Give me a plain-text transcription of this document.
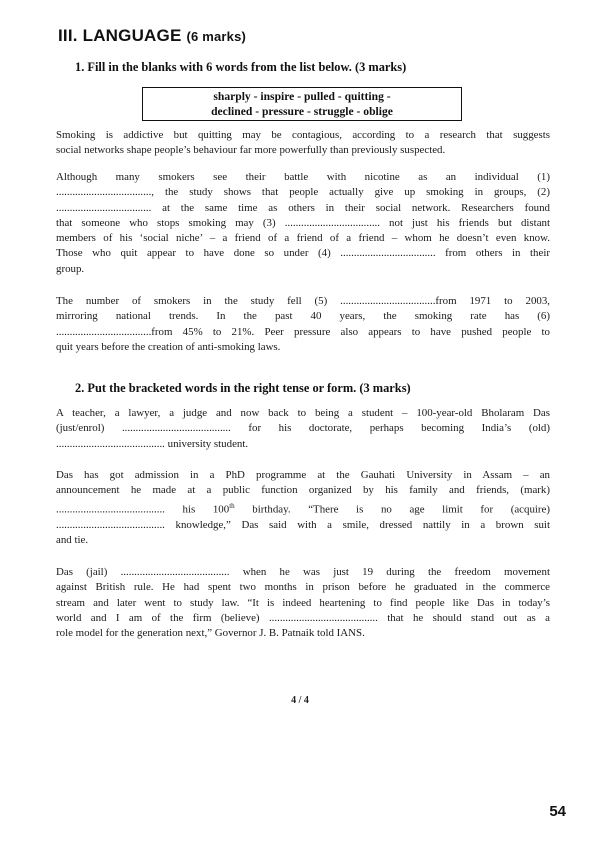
III. LANGUAGE (6 marks)
1. Fill in the blanks with 6 words from the list below. (3 marks)
sharply - inspire - pulled - quitting -
declined - pressure - struggle - oblige
Smoking is addictive but quitting may be contagious, according to a research that suggests
social networks shape people’s behaviour far more powerfully than previously suspected.
Although many smokers see their battle with nicotine as an individual (1)
..................................., the study shows that people actually give up smoking in groups, (2)
................................... at the same time as others in their social network. Researchers found
that someone who stops smoking may (3) ................................... not just his friends but distant
members of his ‘social niche’ – a friend of a friend of a friend – whom he doesn’t even know.
Those who quit appear to have done so under (4) ................................... from others in their
group.
The number of smokers in the study fell (5) ...................................from 1971 to 2003,
mirroring national trends. In the past 40 years, the smoking rate has (6)
...................................from 45% to 21%. Peer pressure also appears to have pushed people to
quit years before the creation of anti-smoking laws.
2. Put the bracketed words in the right tense or form. (3 marks)
A teacher, a lawyer, a judge and now back to being a student – 100-year-old Bholaram Das
(just/enrol) ........................................ for his doctorate, perhaps becoming India’s (old)
........................................ university student.
Das has got admission in a PhD programme at the Gauhati University in Assam – an
announcement he made at a public function organized by his family and friends, (mark)
........................................ his 100th birthday. “There is no age limit for (acquire)
........................................ knowledge,” Das said with a smile, dressed nattily in a brown suit
and tie.
Das (jail) ........................................ when he was just 19 during the freedom movement
against British rule. He had spent two months in prison before he graduated in the commerce
stream and later went to study law. “It is indeed heartening to find people like Das in today’s
world and I am of the firm (believe) ........................................ that he should stand out as a
role model for the generation next,” Governor J. B. Patnaik told IANS.
4 / 4
54
